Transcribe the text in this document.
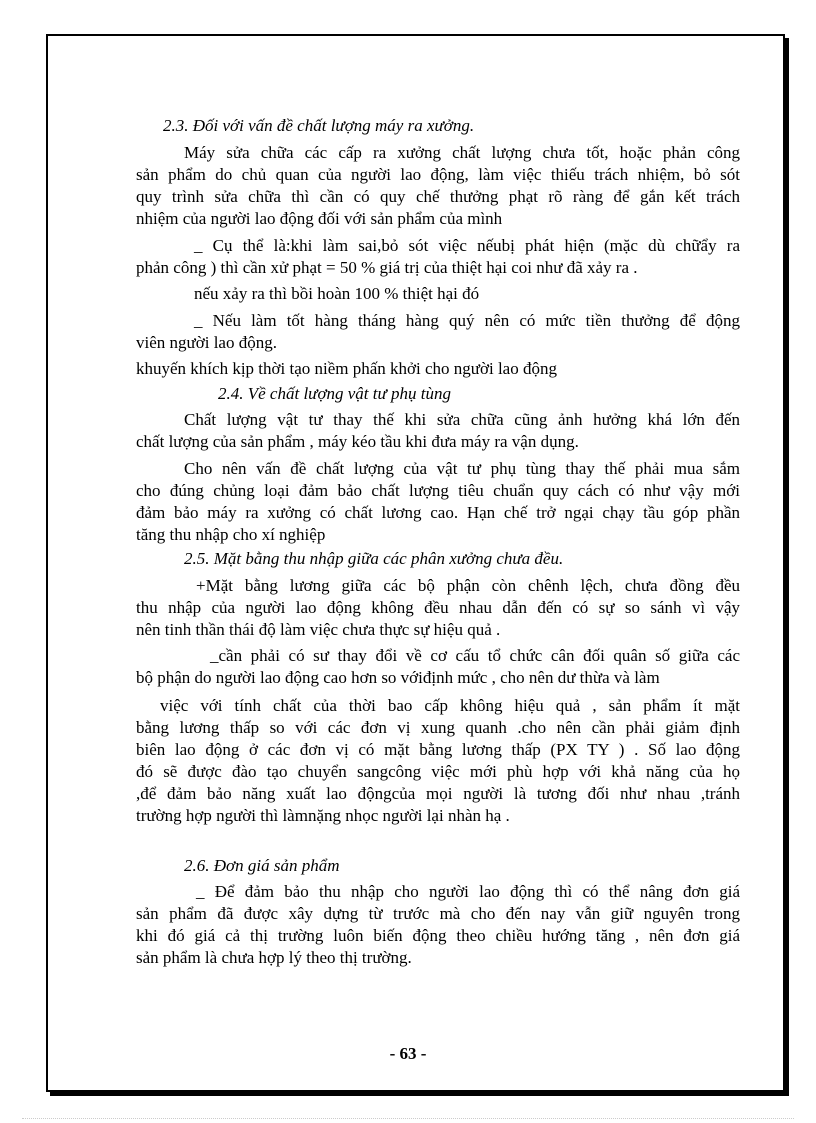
2.3. Đối với vấn đề chất lượng máy ra xưởng.
Máy sửa chữa các cấp ra xưởng chất lượng chưa tốt, hoặc phản công
sản phẩm do chủ quan của người lao động, làm việc thiếu trách nhiệm, bỏ sót
quy trình sửa chữa thì cần có quy chế thưởng phạt rõ ràng để gắn kết trách
nhiệm của người lao động đối với sản phẩm của mình
_ Cụ thể là:khi làm sai,bỏ sót việc nếubị phát hiện (mặc dù chữẩy ra
phản công ) thì cần xử phạt = 50 % giá trị của thiệt hại coi như đã xảy ra .
nếu xảy ra thì bồi hoàn 100 % thiệt hại đó
_ Nếu làm tốt hàng tháng hàng quý nên có mức tiền thưởng để động
viên người lao động.
khuyến khích kịp thời tạo niềm phấn khởi cho người lao động
2.4. Về chất lượng vật tư phụ tùng
Chất lượng vật tư thay thế khi sửa chữa cũng ảnh hưởng khá lớn đến
chất lượng của sản phẩm , máy kéo tầu khi đưa máy ra vận dụng.
Cho nên vấn đề chất lượng của vật tư phụ tùng thay thế phải mua sắm
cho đúng chủng loại đảm bảo chất lượng tiêu chuẩn quy cách có như vậy mới
đảm bảo máy ra xưởng có chất lương cao. Hạn chế trở ngại chạy tầu góp phần
tăng thu nhập cho xí nghiệp
2.5. Mặt bằng thu nhập giữa các phân xưởng chưa đều.
+Mặt bằng lương giữa các bộ phận còn chênh lệch, chưa đồng đều
thu nhập của người lao động không đều nhau dẫn đến có sự so sánh vì vậy
nên tinh thần thái độ làm việc chưa thực sự hiệu quả .
_cần phải có sư thay đổi về cơ cấu tổ chức cân đối quân số giữa các
bộ phận do người lao động cao hơn so vớiđịnh mức , cho nên dư thừa và làm
việc với tính chất của thời bao cấp không hiệu quả , sản phẩm ít mặt
bằng lương thấp so với các đơn vị xung quanh .cho nên cần phải giảm định
biên lao động ở các đơn vị có mặt bằng lương thấp (PX TY ) . Số lao động
đó sẽ được đào tạo chuyển sangcông việc mới phù hợp với khả năng của họ
,để đảm bảo năng xuất lao độngcủa mọi người là tương đối như nhau ,tránh
trường hợp người thì làmnặng nhọc người lại nhàn hạ .
2.6. Đơn giá sản phẩm
_ Để đảm bảo thu nhập cho người lao động thì có thể nâng đơn giá
sản phẩm đã được xây dựng từ trước mà cho đến nay vẫn giữ nguyên trong
khi đó giá cả thị trường luôn biến động theo chiều hướng tăng , nên đơn giá
sản phẩm là chưa hợp lý theo thị trường.
- 63 -
